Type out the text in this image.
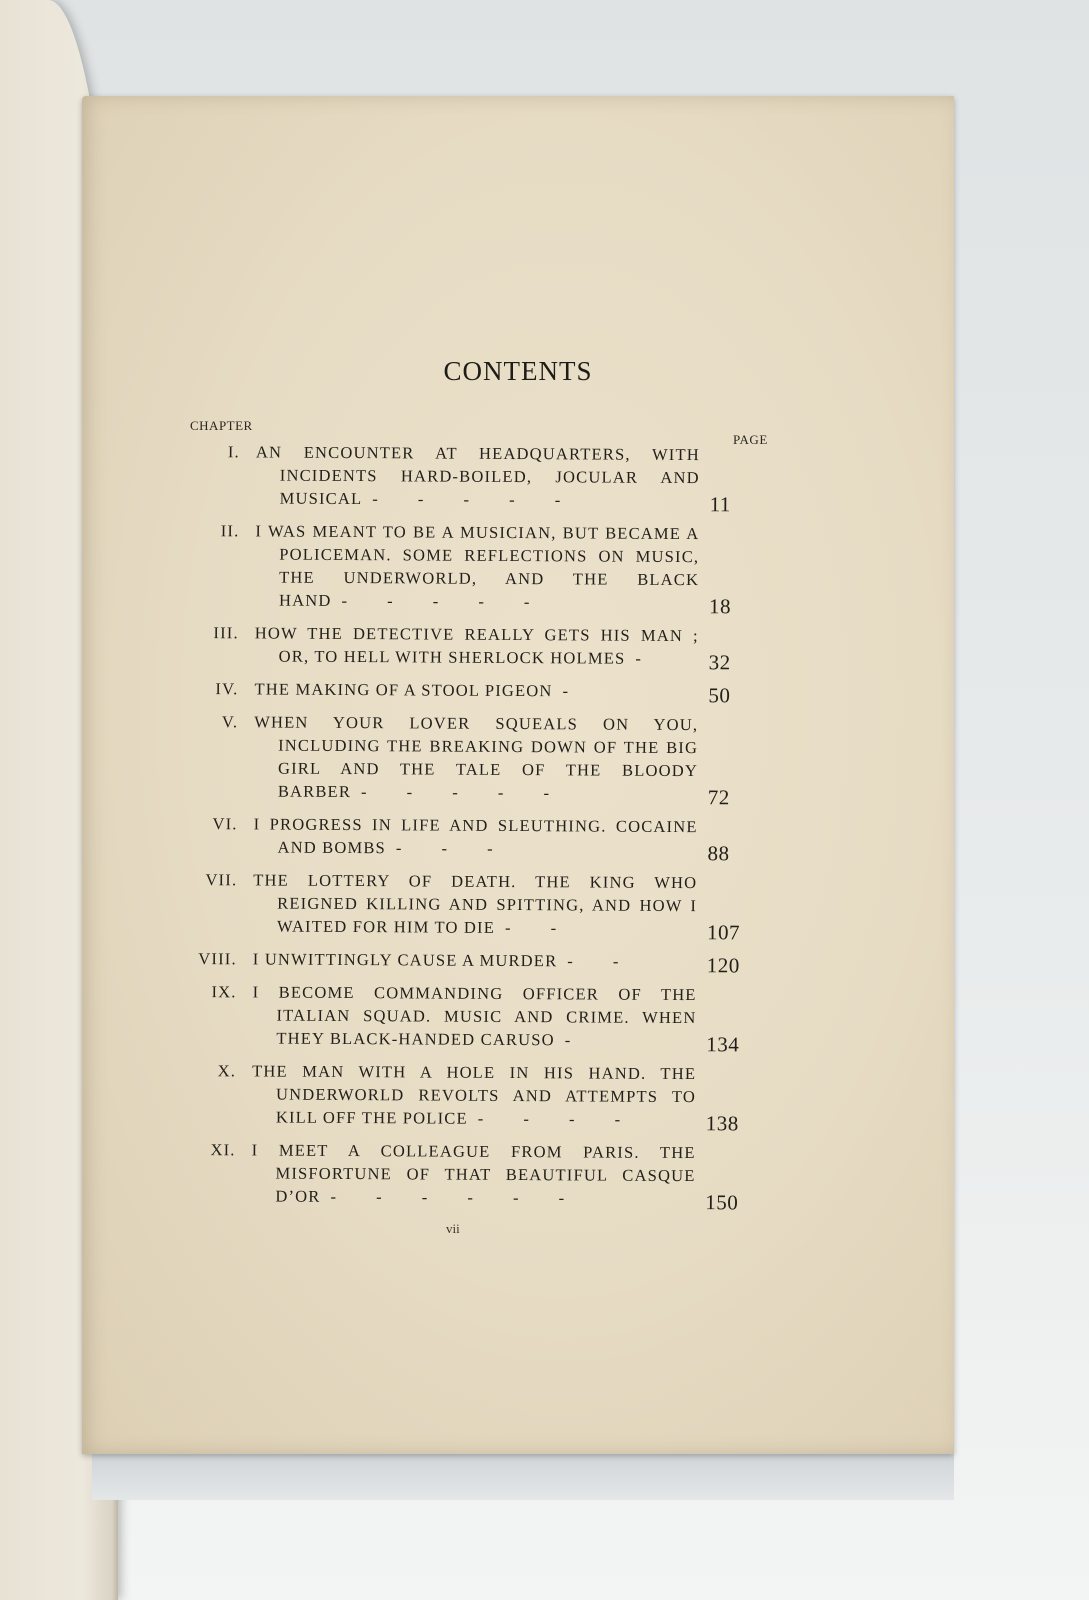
CONTENTS
CHAPTER
PAGE
I. AN ENCOUNTER AT HEADQUARTERS, WITH INCIDENTS HARD-BOILED, JOCULAR AND MUSICAL - - - - -	11
II. I WAS MEANT TO BE A MUSICIAN, BUT BECAME A POLICEMAN. SOME REFLECTIONS ON MUSIC, THE UNDERWORLD, AND THE BLACK HAND - - - - -	18
III. HOW THE DETECTIVE REALLY GETS HIS MAN ; OR, TO HELL WITH SHERLOCK HOLMES -	32
IV. THE MAKING OF A STOOL PIGEON -	50
V. WHEN YOUR LOVER SQUEALS ON YOU, INCLUDING THE BREAKING DOWN OF THE BIG GIRL AND THE TALE OF THE BLOODY BARBER - - - - -	72
VI. I PROGRESS IN LIFE AND SLEUTHING. COCAINE AND BOMBS - - -	88
VII. THE LOTTERY OF DEATH. THE KING WHO REIGNED KILLING AND SPITTING, AND HOW I WAITED FOR HIM TO DIE - -	107
VIII. I UNWITTINGLY CAUSE A MURDER - -	120
IX. I BECOME COMMANDING OFFICER OF THE ITALIAN SQUAD. MUSIC AND CRIME. WHEN THEY BLACK-HANDED CARUSO -	134
X. THE MAN WITH A HOLE IN HIS HAND. THE UNDERWORLD REVOLTS AND ATTEMPTS TO KILL OFF THE POLICE - - - -	138
XI. I MEET A COLLEAGUE FROM PARIS. THE MISFORTUNE OF THAT BEAUTIFUL CASQUE D’OR - - - - - -	150
vii
